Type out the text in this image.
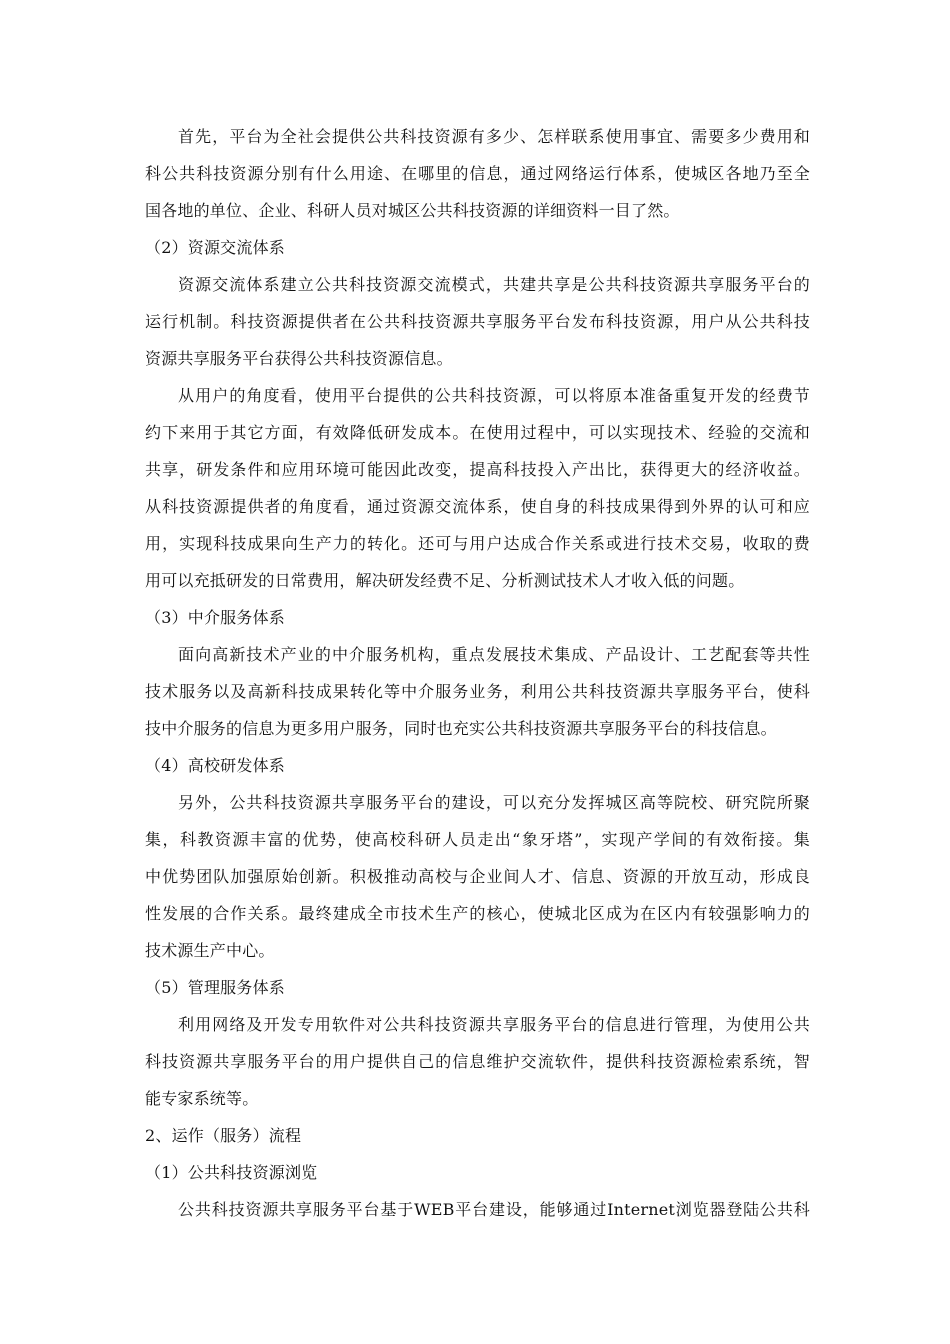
首先，平台为全社会提供公共科技资源有多少、怎样联系使用事宜、需要多少费用和
科公共科技资源分别有什么用途、在哪里的信息，通过网络运行体系，使城区各地乃至全
国各地的单位、企业、科研人员对城区公共科技资源的详细资料一目了然。
（2）资源交流体系
资源交流体系建立公共科技资源交流模式，共建共享是公共科技资源共享服务平台的
运行机制。科技资源提供者在公共科技资源共享服务平台发布科技资源，用户从公共科技
资源共享服务平台获得公共科技资源信息。
从用户的角度看，使用平台提供的公共科技资源，可以将原本准备重复开发的经费节
约下来用于其它方面，有效降低研发成本。在使用过程中，可以实现技术、经验的交流和
共享，研发条件和应用环境可能因此改变，提高科技投入产出比，获得更大的经济收益。
从科技资源提供者的角度看，通过资源交流体系，使自身的科技成果得到外界的认可和应
用，实现科技成果向生产力的转化。还可与用户达成合作关系或进行技术交易，收取的费
用可以充抵研发的日常费用，解决研发经费不足、分析测试技术人才收入低的问题。
（3）中介服务体系
面向高新技术产业的中介服务机构，重点发展技术集成、产品设计、工艺配套等共性
技术服务以及高新科技成果转化等中介服务业务，利用公共科技资源共享服务平台，使科
技中介服务的信息为更多用户服务，同时也充实公共科技资源共享服务平台的科技信息。
（4）高校研发体系
另外，公共科技资源共享服务平台的建设，可以充分发挥城区高等院校、研究院所聚
集，科教资源丰富的优势，使高校科研人员走出“象牙塔”，实现产学间的有效衔接。集
中优势团队加强原始创新。积极推动高校与企业间人才、信息、资源的开放互动，形成良
性发展的合作关系。最终建成全市技术生产的核心，使城北区成为在区内有较强影响力的
技术源生产中心。
（5）管理服务体系
利用网络及开发专用软件对公共科技资源共享服务平台的信息进行管理，为使用公共
科技资源共享服务平台的用户提供自己的信息维护交流软件，提供科技资源检索系统，智
能专家系统等。
2、运作（服务）流程
（1）公共科技资源浏览
公共科技资源共享服务平台基于WEB平台建设，能够通过Internet浏览器登陆公共科
